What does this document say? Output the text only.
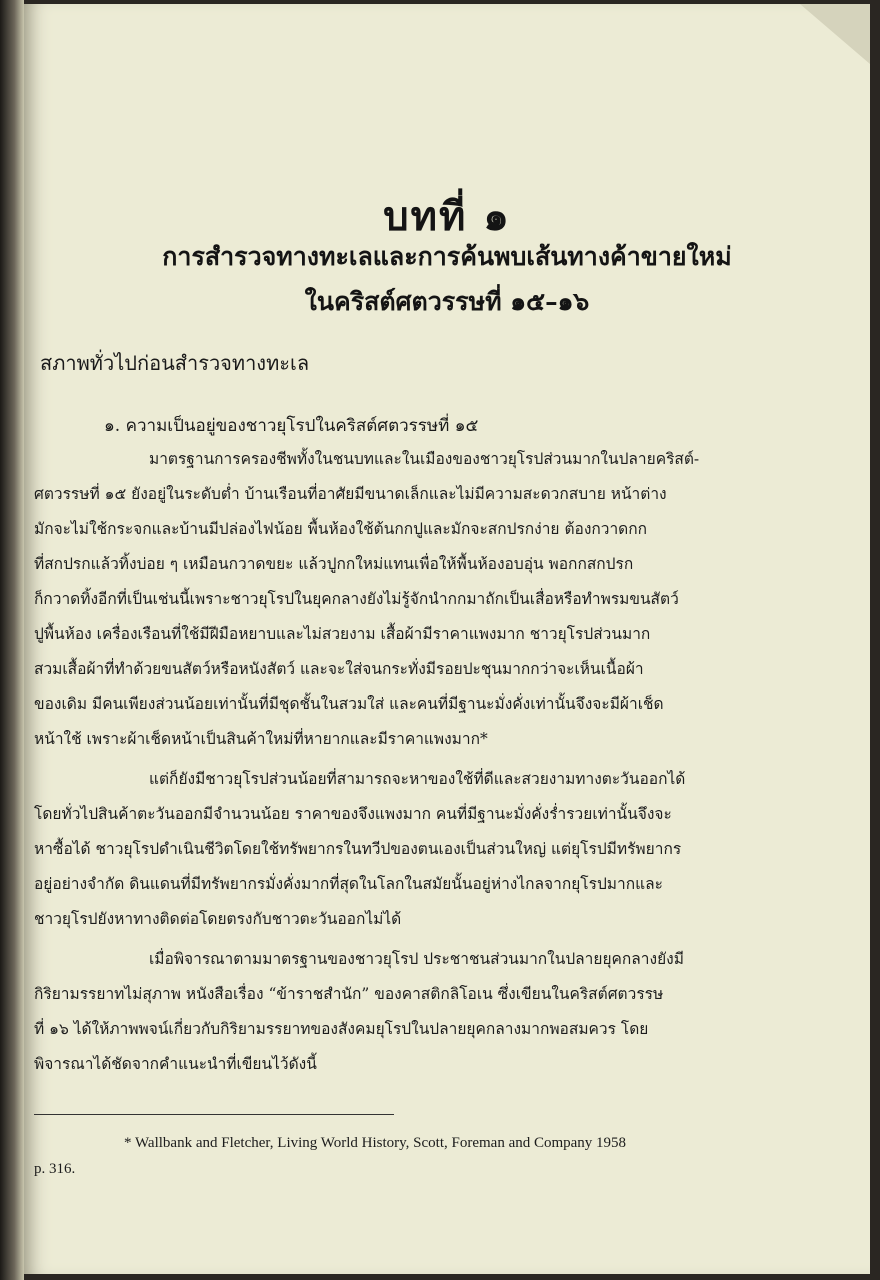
บทที่ ๑
การสำรวจทางทะเลและการค้นพบเส้นทางค้าขายใหม่
ในคริสต์ศตวรรษที่ ๑๕–๑๖
สภาพทั่วไปก่อนสำรวจทางทะเล
๑. ความเป็นอยู่ของชาวยุโรปในคริสต์ศตวรรษที่ ๑๕
มาตรฐานการครองชีพทั้งในชนบทและในเมืองของชาวยุโรปส่วนมากในปลายคริสต์-
ศตวรรษที่ ๑๕ ยังอยู่ในระดับต่ำ บ้านเรือนที่อาศัยมีขนาดเล็กและไม่มีความสะดวกสบาย หน้าต่าง
มักจะไม่ใช้กระจกและบ้านมีปล่องไฟน้อย พื้นห้องใช้ต้นกกปูและมักจะสกปรกง่าย ต้องกวาดกก
ที่สกปรกแล้วทิ้งบ่อย ๆ เหมือนกวาดขยะ แล้วปูกกใหม่แทนเพื่อให้พื้นห้องอบอุ่น พอกกสกปรก
ก็กวาดทิ้งอีกที่เป็นเช่นนี้เพราะชาวยุโรปในยุคกลางยังไม่รู้จักนำกกมาถักเป็นเสื่อหรือทำพรมขนสัตว์
ปูพื้นห้อง เครื่องเรือนที่ใช้มีฝีมือหยาบและไม่สวยงาม เสื้อผ้ามีราคาแพงมาก ชาวยุโรปส่วนมาก
สวมเสื้อผ้าที่ทำด้วยขนสัตว์หรือหนังสัตว์ และจะใส่จนกระทั่งมีรอยปะชุนมากกว่าจะเห็นเนื้อผ้า
ของเดิม มีคนเพียงส่วนน้อยเท่านั้นที่มีชุดชั้นในสวมใส่ และคนที่มีฐานะมั่งคั่งเท่านั้นจึงจะมีผ้าเช็ด
หน้าใช้ เพราะผ้าเช็ดหน้าเป็นสินค้าใหม่ที่หายากและมีราคาแพงมาก*
แต่ก็ยังมีชาวยุโรปส่วนน้อยที่สามารถจะหาของใช้ที่ดีและสวยงามทางตะวันออกได้
โดยทั่วไปสินค้าตะวันออกมีจำนวนน้อย ราคาของจึงแพงมาก คนที่มีฐานะมั่งคั่งร่ำรวยเท่านั้นจึงจะ
หาซื้อได้ ชาวยุโรปดำเนินชีวิตโดยใช้ทรัพยากรในทวีปของตนเองเป็นส่วนใหญ่ แต่ยุโรปมีทรัพยากร
อยู่อย่างจำกัด ดินแดนที่มีทรัพยากรมั่งคั่งมากที่สุดในโลกในสมัยนั้นอยู่ห่างไกลจากยุโรปมากและ
ชาวยุโรปยังหาทางติดต่อโดยตรงกับชาวตะวันออกไม่ได้
เมื่อพิจารณาตามมาตรฐานของชาวยุโรป ประชาชนส่วนมากในปลายยุคกลางยังมี
กิริยามรรยาทไม่สุภาพ หนังสือเรื่อง “ข้าราชสำนัก” ของคาสติกลิโอเน ซึ่งเขียนในคริสต์ศตวรรษ
ที่ ๑๖ ได้ให้ภาพพจน์เกี่ยวกับกิริยามรรยาทของสังคมยุโรปในปลายยุคกลางมากพอสมควร โดย
พิจารณาได้ชัดจากคำแนะนำที่เขียนไว้ดังนี้
* Wallbank and Fletcher, Living World History, Scott, Foreman and Company 1958
p. 316.
